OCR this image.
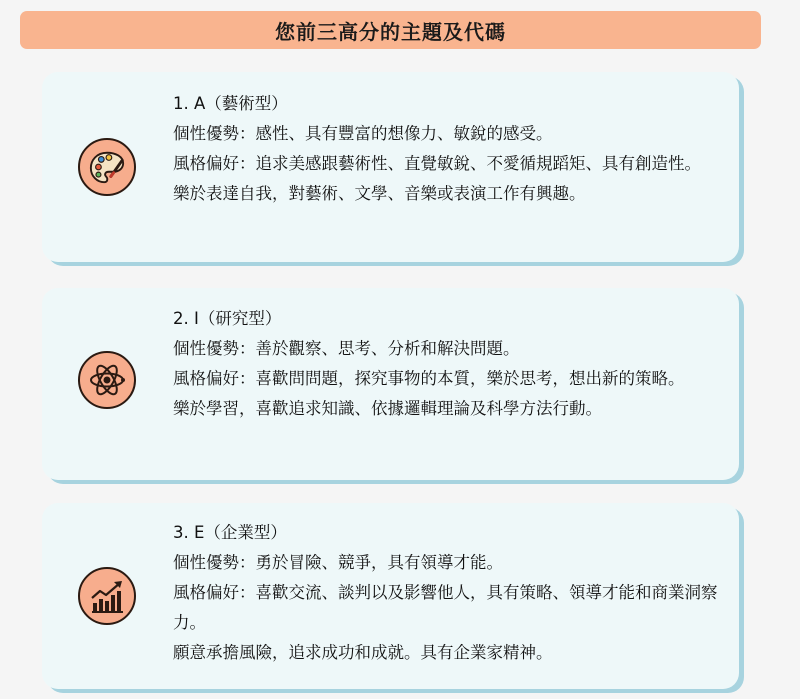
您前三高分的主題及代碼

1. A（藝術型）

個性優勢：感性、具有豐富的想像力、敏銳的感受。

風格偏好：追求美感跟藝術性、直覺敏銳、不愛循規蹈矩、具有創造性。

樂於表達自我，對藝術、文學、音樂或表演工作有興趣。

2. I（研究型）

個性優勢：善於觀察、思考、分析和解決問題。

風格偏好：喜歡問問題，探究事物的本質，樂於思考，想出新的策略。

樂於學習，喜歡追求知識、依據邏輯理論及科學方法行動。

3. E（企業型）

個性優勢：勇於冒險、競爭，具有領導才能。

風格偏好：喜歡交流、談判以及影響他人，具有策略、領導才能和商業洞察力。

願意承擔風險，追求成功和成就。具有企業家精神。
